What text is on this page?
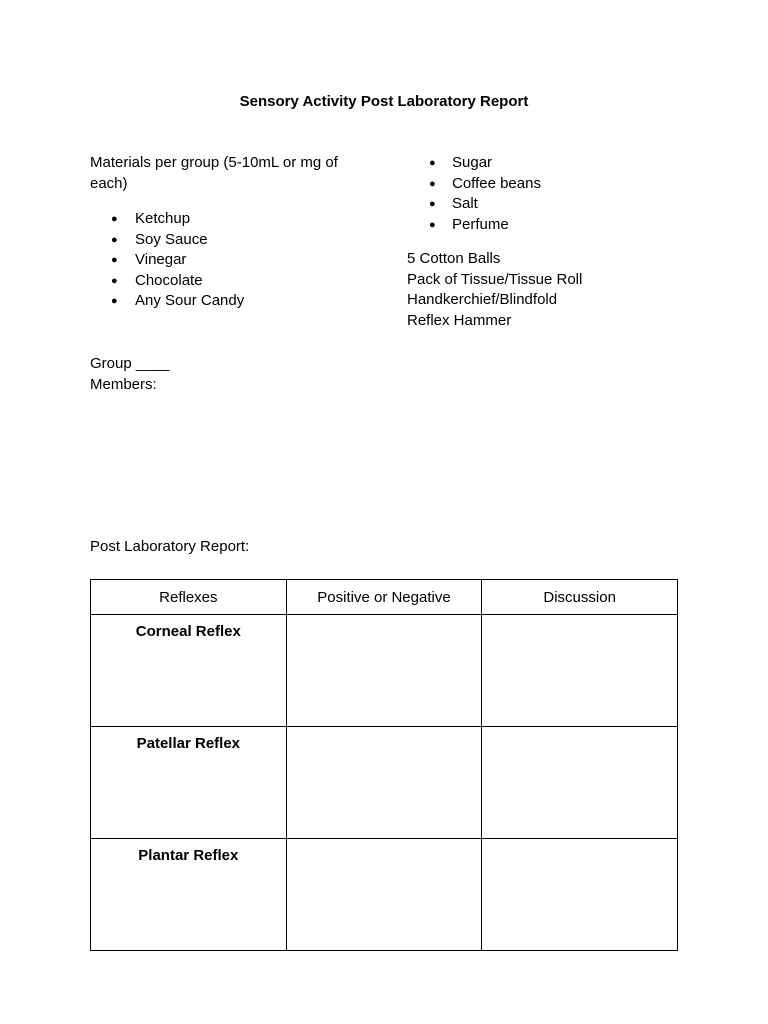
Sensory Activity Post Laboratory Report
Materials per group (5-10mL or mg of each)
● Ketchup
● Soy Sauce
● Vinegar
● Chocolate
● Any Sour Candy
● Sugar
● Coffee beans
● Salt
● Perfume
5 Cotton Balls
Pack of Tissue/Tissue Roll
Handkerchief/Blindfold
Reflex Hammer
Group ____
Members:
Post Laboratory Report:
Reflexes	Positive or Negative	Discussion
Corneal Reflex		
Patellar Reflex		
Plantar Reflex		
